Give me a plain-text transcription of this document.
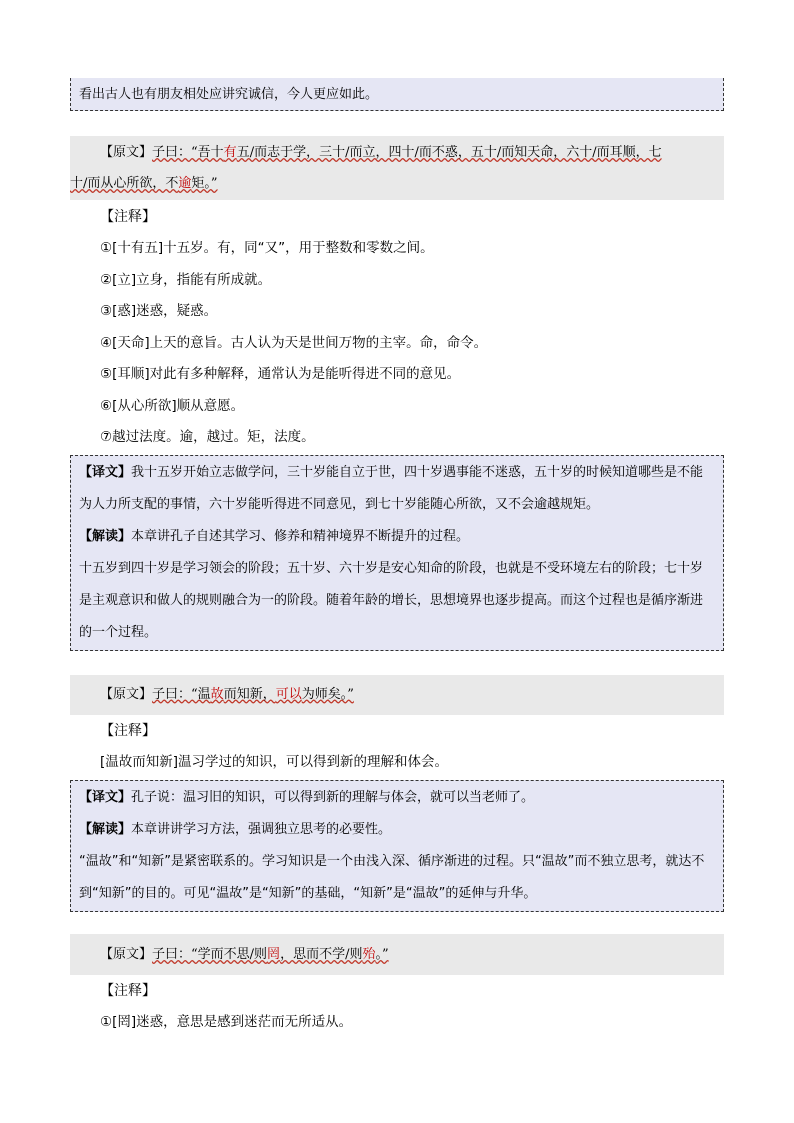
看出古人也有朋友相处应讲究诚信，今人更应如此。

【原文】子曰：“吾十有五/而志于学，三十/而立，四十/而不惑，五十/而知天命，六十/而耳顺，七
十/而从心所欲，不逾矩。”
【注释】
①[十有五]十五岁。有，同“又”，用于整数和零数之间。
②[立]立身，指能有所成就。
③[惑]迷惑，疑惑。
④[天命]上天的意旨。古人认为天是世间万物的主宰。命，命令。
⑤[耳顺]对此有多种解释，通常认为是能听得进不同的意见。
⑥[从心所欲]顺从意愿。
⑦越过法度。逾，越过。矩，法度。

【译文】我十五岁开始立志做学问，三十岁能自立于世，四十岁遇事能不迷惑，五十岁的时候知道哪些是不能为人力所支配的事情，六十岁能听得进不同意见，到七十岁能随心所欲，又不会逾越规矩。

【解读】本章讲孔子自述其学习、修养和精神境界不断提升的过程。

十五岁到四十岁是学习领会的阶段；五十岁、六十岁是安心知命的阶段，也就是不受环境左右的阶段；七十岁是主观意识和做人的规则融合为一的阶段。随着年龄的增长，思想境界也逐步提高。而这个过程也是循序渐进的一个过程。

【原文】子曰：“温故而知新，可以为师矣。”
【注释】
[温故而知新]温习学过的知识，可以得到新的理解和体会。

【译文】孔子说：温习旧的知识，可以得到新的理解与体会，就可以当老师了。

【解读】本章讲讲学习方法，强调独立思考的必要性。

“温故”和“知新”是紧密联系的。学习知识是一个由浅入深、循序渐进的过程。只“温故”而不独立思考，就达不到“知新”的目的。可见“温故”是“知新”的基础，“知新”是“温故”的延伸与升华。

【原文】子曰：“学而不思/则罔，思而不学/则殆。”
【注释】
①[罔]迷惑，意思是感到迷茫而无所适从。
